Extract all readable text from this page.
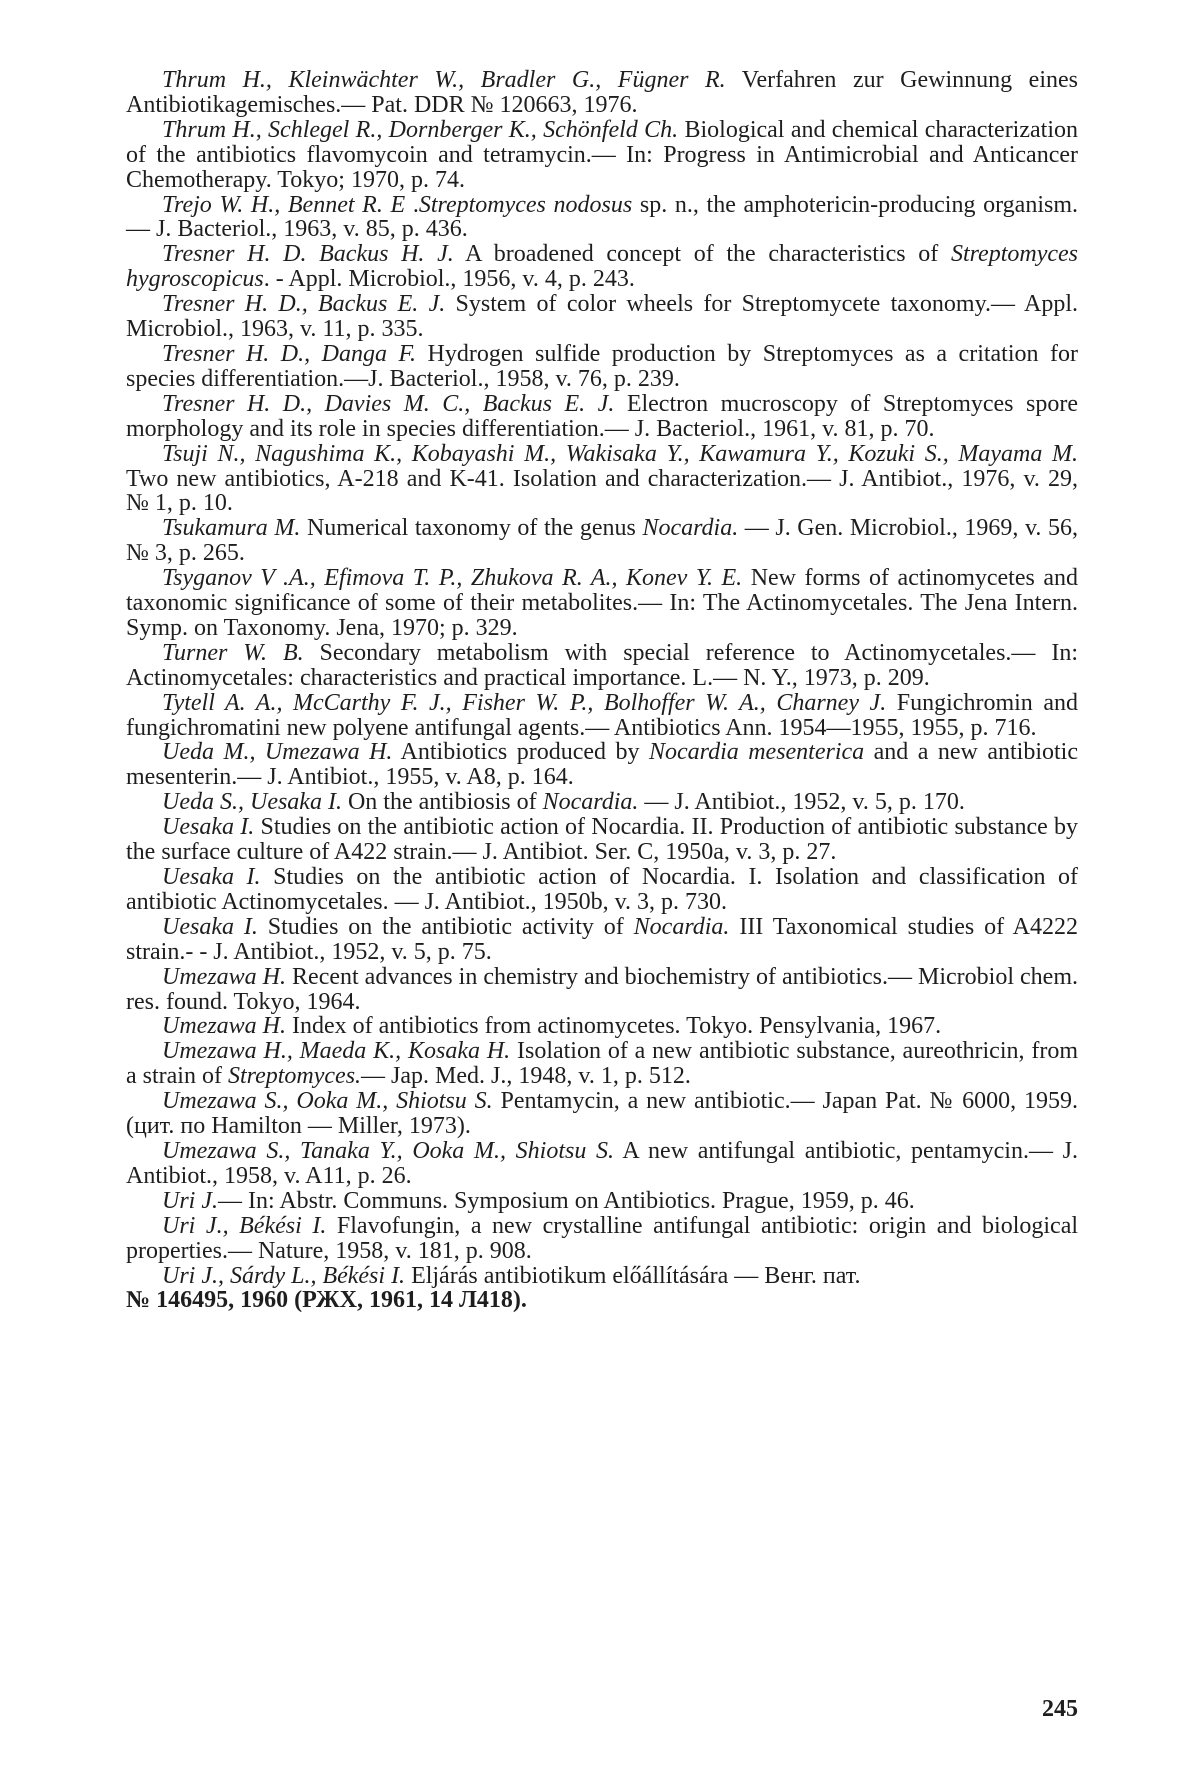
Thrum H., Kleinwächter W., Bradler G., Fügner R. Verfahren zur Gewinnung eines Antibiotikagemisches.— Pat. DDR № 120663, 1976.

Thrum H., Schlegel R., Dornberger K., Schönfeld Ch. Biological and chemical characterization of the antibiotics flavomycoin and tetramycin.— In: Progress in Antimicrobial and Anticancer Chemotherapy. Tokyo; 1970, p. 74.

Trejo W. H., Bennet R. E .Streptomyces nodosus sp. n., the amphotericin-producing organism. — J. Bacteriol., 1963, v. 85, p. 436.

Tresner H. D. Backus H. J. A broadened concept of the characteristics of Streptomyces hygroscopicus. - Appl. Microbiol., 1956, v. 4, p. 243.

Tresner H. D., Backus E. J. System of color wheels for Streptomycete taxonomy.— Appl. Microbiol., 1963, v. 11, p. 335.

Tresner H. D., Danga F. Hydrogen sulfide production by Streptomyces as a critation for species differentiation.—J. Bacteriol., 1958, v. 76, p. 239.

Tresner H. D., Davies M. C., Backus E. J. Electron mucroscopy of Streptomyces spore morphology and its role in species differentiation.— J. Bacteriol., 1961, v. 81, p. 70.

Tsuji N., Nagushima K., Kobayashi M., Wakisaka Y., Kawamura Y., Kozuki S., Mayama M. Two new antibiotics, A-218 and K-41. Isolation and characterization.— J. Antibiot., 1976, v. 29, № 1, p. 10.

Tsukamura M. Numerical taxonomy of the genus Nocardia. — J. Gen. Microbiol., 1969, v. 56, № 3, p. 265.

Tsyganov V .A., Efimova T. P., Zhukova R. A., Konev Y. E. New forms of actinomycetes and taxonomic significance of some of their metabolites.— In: The Actinomycetales. The Jena Intern. Symp. on Taxonomy. Jena, 1970; p. 329.

Turner W. B. Secondary metabolism with special reference to Actinomycetales.— In: Actinomycetales: characteristics and practical importance. L.— N. Y., 1973, p. 209.

Tytell A. A., McCarthy F. J., Fisher W. P., Bolhoffer W. A., Charney J. Fungichromin and fungichromatini new polyene antifungal agents.— Antibiotics Ann. 1954—1955, 1955, p. 716.

Ueda M., Umezawa H. Antibiotics produced by Nocardia mesenterica and a new antibiotic mesenterin.— J. Antibiot., 1955, v. A8, p. 164.

Ueda S., Uesaka I. On the antibiosis of Nocardia. — J. Antibiot., 1952, v. 5, p. 170.

Uesaka I. Studies on the antibiotic action of Nocardia. II. Production of antibiotic substance by the surface culture of A422 strain.— J. Antibiot. Ser. C, 1950a, v. 3, p. 27.

Uesaka I. Studies on the antibiotic action of Nocardia. I. Isolation and classification of antibiotic Actinomycetales. — J. Antibiot., 1950b, v. 3, p. 730.

Uesaka I. Studies on the antibiotic activity of Nocardia. III Taxonomical studies of A4222 strain.- - J. Antibiot., 1952, v. 5, p. 75.

Umezawa H. Recent advances in chemistry and biochemistry of antibiotics.— Microbiol chem. res. found. Tokyo, 1964.

Umezawa H. Index of antibiotics from actinomycetes. Tokyo. Pensylvania, 1967.

Umezawa H., Maeda K., Kosaka H. Isolation of a new antibiotic substance, aureothricin, from a strain of Streptomyces.— Jap. Med. J., 1948, v. 1, p. 512.

Umezawa S., Ooka M., Shiotsu S. Pentamycin, a new antibiotic.— Japan Pat. № 6000, 1959. (цит. по Hamilton — Miller, 1973).

Umezawa S., Tanaka Y., Ooka M., Shiotsu S. A new antifungal antibiotic, pentamycin.— J. Antibiot., 1958, v. A11, p. 26.

Uri J.— In: Abstr. Communs. Symposium on Antibiotics. Prague, 1959, p. 46.

Uri J., Békési I. Flavofungin, a new crystalline antifungal antibiotic: origin and biological properties.— Nature, 1958, v. 181, p. 908.

Uri J., Sárdy L., Békési I. Eljárás antibiotikum előállítására — Венг. пат.

№ 146495, 1960 (РЖХ, 1961, 14 Л418).

245
